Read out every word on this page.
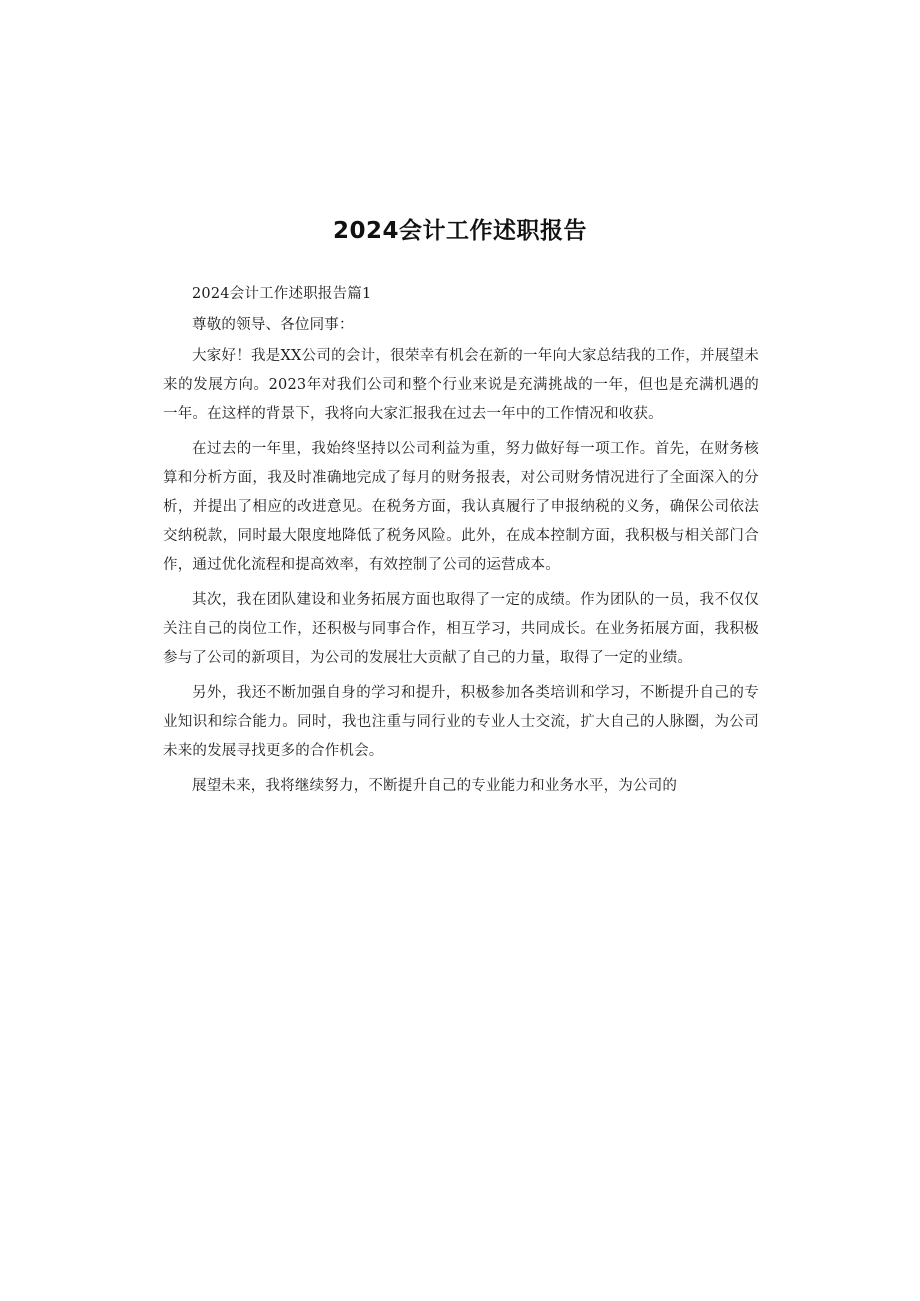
2024会计工作述职报告

2024会计工作述职报告篇1

尊敬的领导、各位同事：

大家好！我是XX公司的会计，很荣幸有机会在新的一年向大家总结我的工作，并展望未来的发展方向。2023年对我们公司和整个行业来说是充满挑战的一年，但也是充满机遇的一年。在这样的背景下，我将向大家汇报我在过去一年中的工作情况和收获。

在过去的一年里，我始终坚持以公司利益为重，努力做好每一项工作。首先，在财务核算和分析方面，我及时准确地完成了每月的财务报表，对公司财务情况进行了全面深入的分析，并提出了相应的改进意见。在税务方面，我认真履行了申报纳税的义务，确保公司依法交纳税款，同时最大限度地降低了税务风险。此外，在成本控制方面，我积极与相关部门合作，通过优化流程和提高效率，有效控制了公司的运营成本。

其次，我在团队建设和业务拓展方面也取得了一定的成绩。作为团队的一员，我不仅仅关注自己的岗位工作，还积极与同事合作，相互学习，共同成长。在业务拓展方面，我积极参与了公司的新项目，为公司的发展壮大贡献了自己的力量，取得了一定的业绩。

另外，我还不断加强自身的学习和提升，积极参加各类培训和学习，不断提升自己的专业知识和综合能力。同时，我也注重与同行业的专业人士交流，扩大自己的人脉圈，为公司未来的发展寻找更多的合作机会。

展望未来，我将继续努力，不断提升自己的专业能力和业务水平，为公司的
